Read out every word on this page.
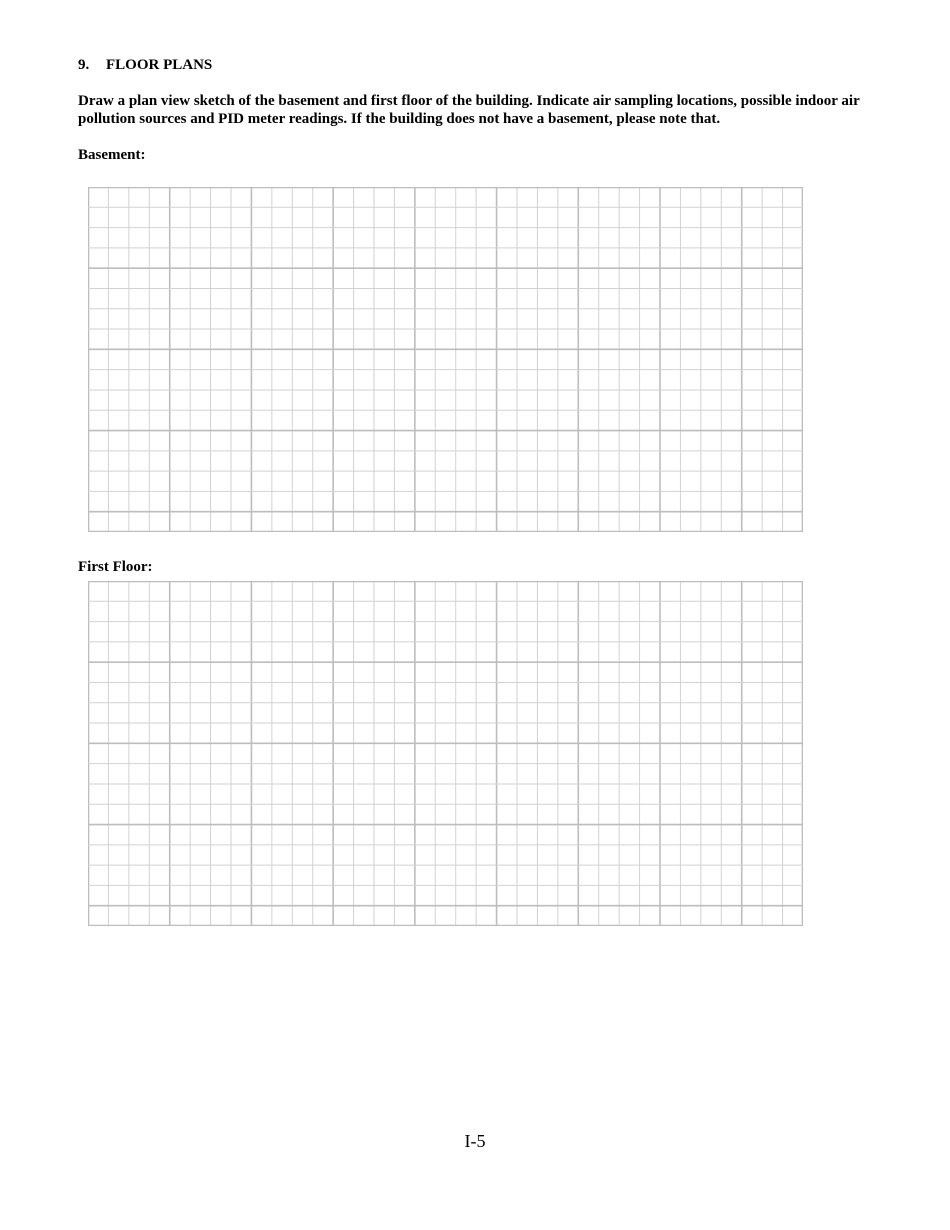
9. FLOOR PLANS
Draw a plan view sketch of the basement and first floor of the building. Indicate air sampling locations, possible indoor air pollution sources and PID meter readings. If the building does not have a basement, please note that.
Basement:
First Floor:
I-5
